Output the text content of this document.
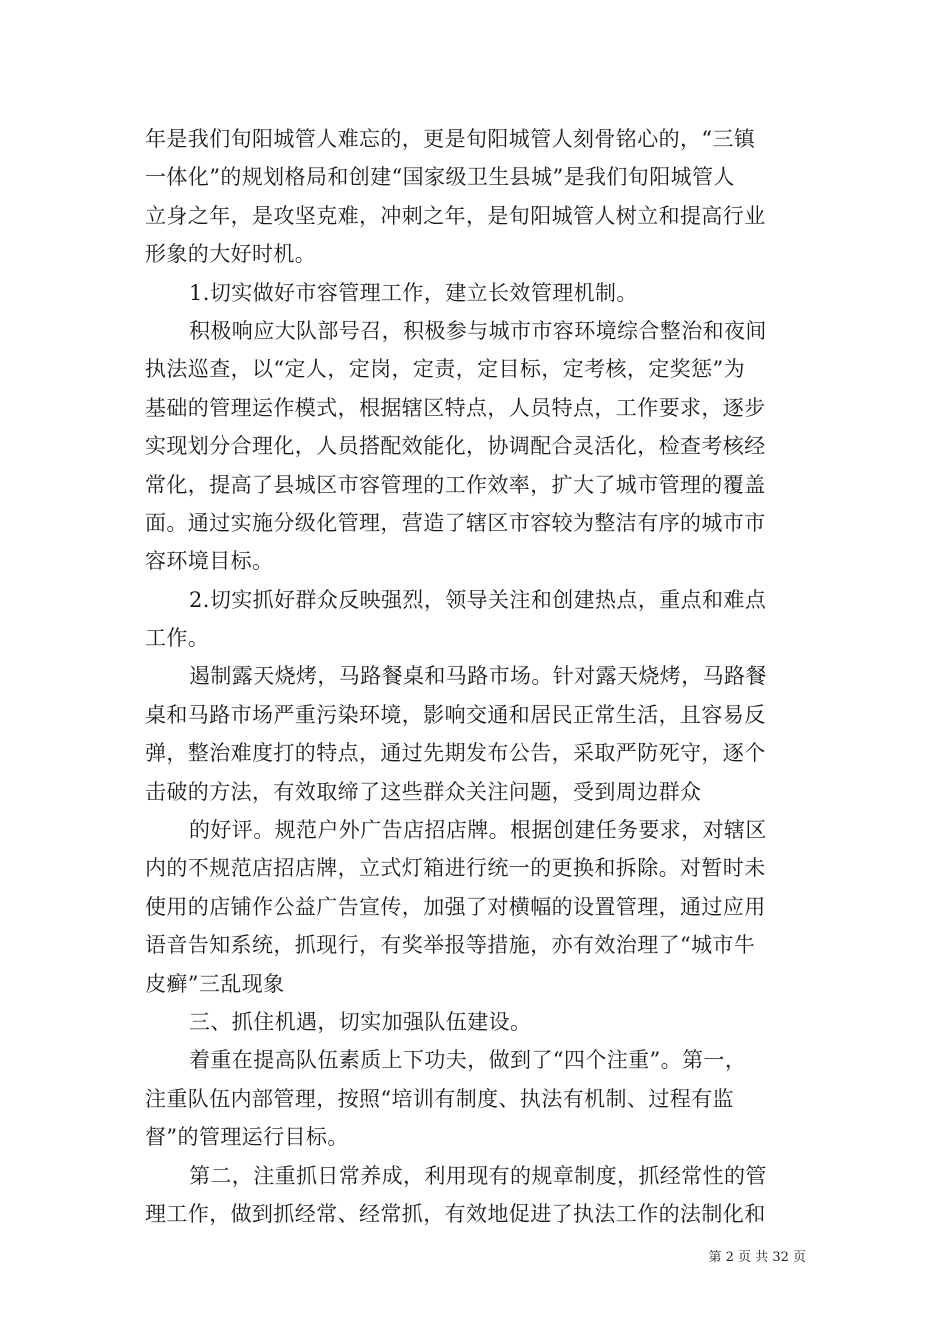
年是我们旬阳城管人难忘的，更是旬阳城管人刻骨铭心的，“三镇
一体化”的规划格局和创建“国家级卫生县城”是我们旬阳城管人
立身之年，是攻坚克难，冲刺之年，是旬阳城管人树立和提高行业
形象的大好时机。
1.切实做好市容管理工作，建立长效管理机制。
积极响应大队部号召，积极参与城市市容环境综合整治和夜间
执法巡查，以“定人，定岗，定责，定目标，定考核，定奖惩”为
基础的管理运作模式，根据辖区特点，人员特点，工作要求，逐步
实现划分合理化，人员搭配效能化，协调配合灵活化，检查考核经
常化，提高了县城区市容管理的工作效率，扩大了城市管理的覆盖
面。通过实施分级化管理，营造了辖区市容较为整洁有序的城市市
容环境目标。
2.切实抓好群众反映强烈，领导关注和创建热点，重点和难点
工作。
遏制露天烧烤，马路餐桌和马路市场。针对露天烧烤，马路餐
桌和马路市场严重污染环境，影响交通和居民正常生活，且容易反
弹，整治难度打的特点，通过先期发布公告，采取严防死守，逐个
击破的方法，有效取缔了这些群众关注问题，受到周边群众
的好评。规范户外广告店招店牌。根据创建任务要求，对辖区
内的不规范店招店牌，立式灯箱进行统一的更换和拆除。对暂时未
使用的店铺作公益广告宣传，加强了对横幅的设置管理，通过应用
语音告知系统，抓现行，有奖举报等措施，亦有效治理了“城市牛
皮癣”三乱现象
三、抓住机遇，切实加强队伍建设。
着重在提高队伍素质上下功夫，做到了“四个注重”。第一，
注重队伍内部管理，按照“培训有制度、执法有机制、过程有监
督”的管理运行目标。
第二，注重抓日常养成，利用现有的规章制度，抓经常性的管
理工作，做到抓经常、经常抓，有效地促进了执法工作的法制化和
第 2 页 共 32 页
